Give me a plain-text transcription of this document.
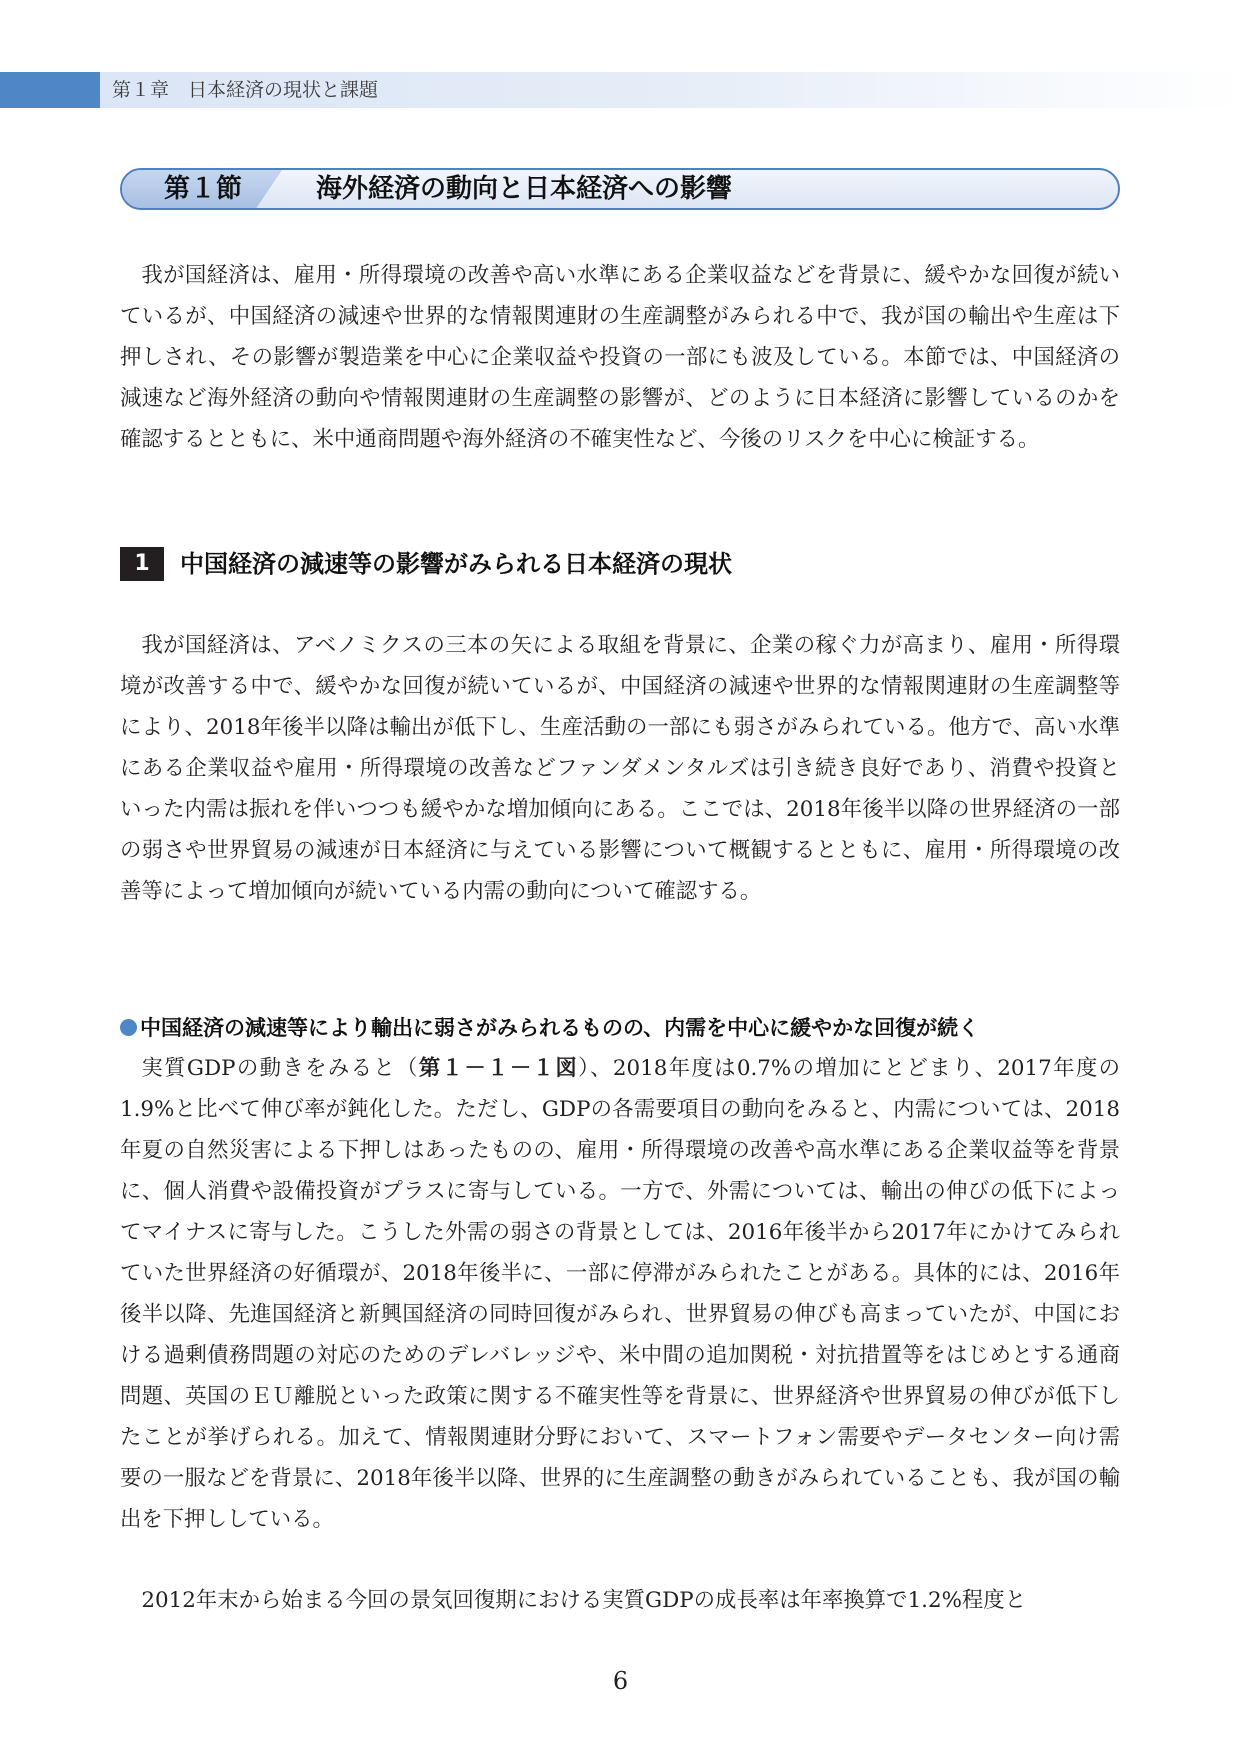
第１章　日本経済の現状と課題
第１節	海外経済の動向と日本経済への影響

我が国経済は、雇用・所得環境の改善や高い水準にある企業収益などを背景に、緩やかな回復が続いているが、中国経済の減速や世界的な情報関連財の生産調整がみられる中で、我が国の輸出や生産は下押しされ、その影響が製造業を中心に企業収益や投資の一部にも波及している。本節では、中国経済の減速など海外経済の動向や情報関連財の生産調整の影響が、どのように日本経済に影響しているのかを確認するとともに、米中通商問題や海外経済の不確実性など、今後のリスクを中心に検証する。

1	中国経済の減速等の影響がみられる日本経済の現状

我が国経済は、アベノミクスの三本の矢による取組を背景に、企業の稼ぐ力が高まり、雇用・所得環境が改善する中で、緩やかな回復が続いているが、中国経済の減速や世界的な情報関連財の生産調整等により、2018年後半以降は輸出が低下し、生産活動の一部にも弱さがみられている。他方で、高い水準にある企業収益や雇用・所得環境の改善などファンダメンタルズは引き続き良好であり、消費や投資といった内需は振れを伴いつつも緩やかな増加傾向にある。ここでは、2018年後半以降の世界経済の一部の弱さや世界貿易の減速が日本経済に与えている影響について概観するとともに、雇用・所得環境の改善等によって増加傾向が続いている内需の動向について確認する。

中国経済の減速等により輸出に弱さがみられるものの、内需を中心に緩やかな回復が続く

実質GDPの動きをみると（第１－１－１図）、2018年度は0.7%の増加にとどまり、2017年度の1.9%と比べて伸び率が鈍化した。ただし、GDPの各需要項目の動向をみると、内需については、2018年夏の自然災害による下押しはあったものの、雇用・所得環境の改善や高水準にある企業収益等を背景に、個人消費や設備投資がプラスに寄与している。一方で、外需については、輸出の伸びの低下によってマイナスに寄与した。こうした外需の弱さの背景としては、2016年後半から2017年にかけてみられていた世界経済の好循環が、2018年後半に、一部に停滞がみられたことがある。具体的には、2016年後半以降、先進国経済と新興国経済の同時回復がみられ、世界貿易の伸びも高まっていたが、中国における過剰債務問題の対応のためのデレバレッジや、米中間の追加関税・対抗措置等をはじめとする通商問題、英国のＥＵ離脱といった政策に関する不確実性等を背景に、世界経済や世界貿易の伸びが低下したことが挙げられる。加えて、情報関連財分野において、スマートフォン需要やデータセンター向け需要の一服などを背景に、2018年後半以降、世界的に生産調整の動きがみられていることも、我が国の輸出を下押ししている。

2012年末から始まる今回の景気回復期における実質GDPの成長率は年率換算で1.2%程度と

6
